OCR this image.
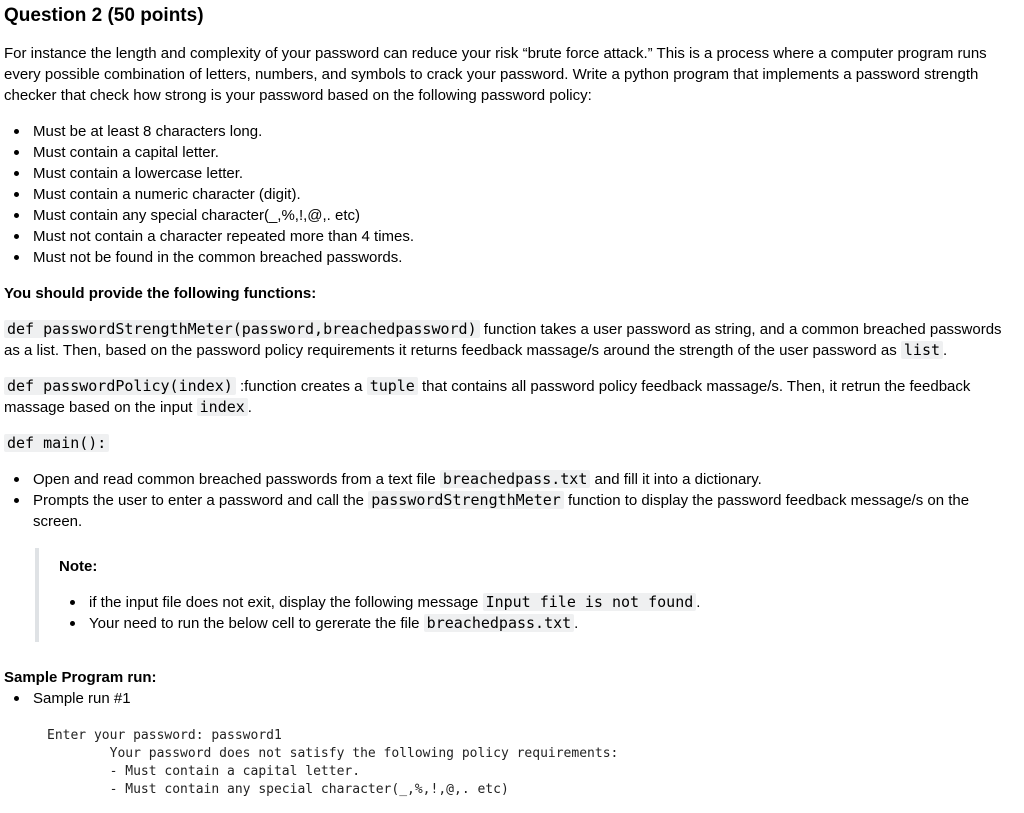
Question 2 (50 points)

For instance the length and complexity of your password can reduce your risk “brute force attack.” This is a process where a computer program runs every possible combination of letters, numbers, and symbols to crack your password. Write a python program that implements a password strength checker that check how strong is your password based on the following password policy:

Must be at least 8 characters long.
Must contain a capital letter.
Must contain a lowercase letter.
Must contain a numeric character (digit).
Must contain any special character(_,%,!,@,. etc)
Must not contain a character repeated more than 4 times.
Must not be found in the common breached passwords.

You should provide the following functions:

def passwordStrengthMeter(password,breachedpassword) function takes a user password as string, and a common breached passwords as a list. Then, based on the password policy requirements it returns feedback massage/s around the strength of the user password as list .

def passwordPolicy(index) :function creates a tuple that contains all password policy feedback massage/s. Then, it retrun the feedback massage based on the input index .

def main():

Open and read common breached passwords from a text file breachedpass.txt and fill it into a dictionary.
Prompts the user to enter a password and call the passwordStrengthMeter function to display the password feedback message/s on the screen.

Note:

if the input file does not exit, display the following message Input file is not found .
Your need to run the below cell to gererate the file breachedpass.txt .

Sample Program run:

Sample run #1
Enter your password: password1
Your password does not satisfy the following policy requirements:
- Must contain a capital letter.
- Must contain any special character(_,%,!,@,. etc)
